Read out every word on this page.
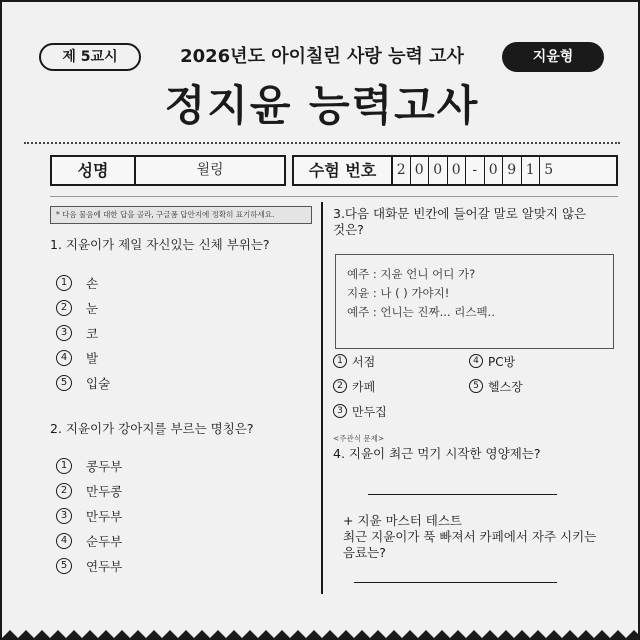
제 5교시	2026년도 아이칠린 사랑 능력 고사	지윤형
정지윤 능력고사
성명	윌링	수험 번호	2 0 0 0 - 0 9 1 5
* 다음 물음에 대한 답을 골라, 구글폼 답안지에 정확히 표기하세요.
1. 지윤이가 제일 자신있는 신체 부위는?
1	손
2	눈
3	코
4	발
5	입술
2. 지윤이가 강아지를 부르는 명칭은?
1	콩두부
2	만두콩
3	만두부
4	순두부
5	연두부
3.다음 대화문 빈칸에 들어갈 말로 알맞지 않은
것은?
예주 : 지윤 언니 어디 가?
지윤 : 나 ( ) 가야지!
예주 : 언니는 진짜... 리스펙..
1 서점	4 PC방
2 카페	5 헬스장
3 만두집
<주관식 문제>
4. 지윤이 최근 먹기 시작한 영양제는?
+ 지윤 마스터 테스트
최근 지윤이가 푹 빠져서 카페에서 자주 시키는
음료는?
